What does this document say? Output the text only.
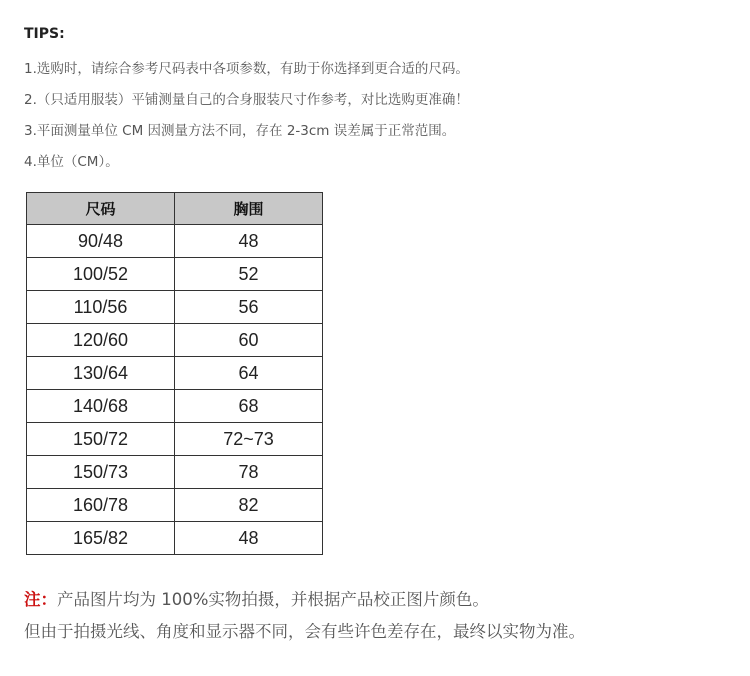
TIPS:
1.选购时，请综合参考尺码表中各项参数，有助于你选择到更合适的尺码。
2.（只适用服装）平铺测量自己的合身服装尺寸作参考，对比选购更准确！
3.平面测量单位 CM 因测量方法不同，存在 2-3cm 误差属于正常范围。
4.单位（CM）。
尺码	胸围
90/48	48
100/52	52
110/56	56
120/60	60
130/64	64
140/68	68
150/72	72~73
150/73	78
160/78	82
165/82	48
注：产品图片均为 100%实物拍摄，并根据产品校正图片颜色。
但由于拍摄光线、角度和显示器不同，会有些许色差存在，最终以实物为准。
